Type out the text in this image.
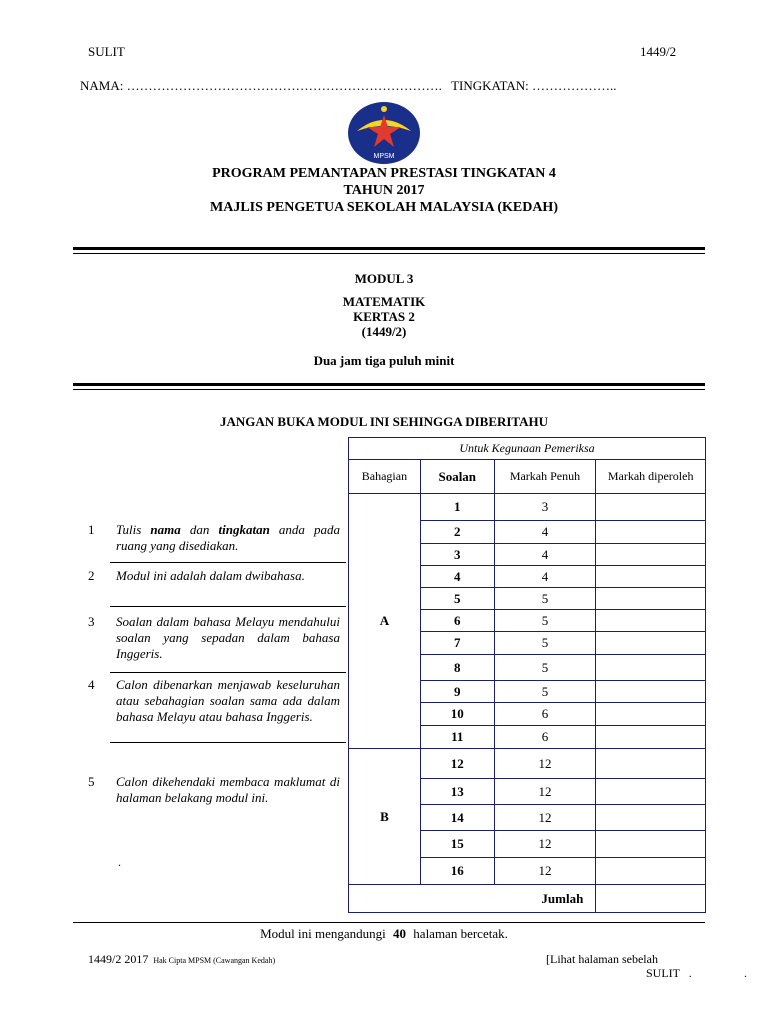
SULIT	1449/2
NAMA: ………………………………………………………………. TINGKATAN: ………………..
MPSM
PROGRAM PEMANTAPAN PRESTASI TINGKATAN 4
TAHUN 2017
MAJLIS PENGETUA SEKOLAH MALAYSIA (KEDAH)
MODUL 3
MATEMATIK
KERTAS 2
(1449/2)
Dua jam tiga puluh minit
JANGAN BUKA MODUL INI SEHINGGA DIBERITAHU
1 Tulis nama dan tingkatan anda pada ruang yang disediakan.
2 Modul ini adalah dalam dwibahasa.
3 Soalan dalam bahasa Melayu mendahului soalan yang sepadan dalam bahasa Inggeris.
4 Calon dibenarkan menjawab keseluruhan atau sebahagian soalan sama ada dalam bahasa Melayu atau bahasa Inggeris.
5 Calon dikehendaki membaca maklumat di halaman belakang modul ini.
.
Untuk Kegunaan Pemeriksa			
Bahagian	Soalan	Markah Penuh	Markah diperoleh
A	1	3	
	2	4	
	3	4	
	4	4	
	5	5	
	6	5	
	7	5	
	8	5	
	9	5	
	10	6	
	11	6	
B	12	12	
	13	12	
	14	12	
	15	12	
	16	12	
	Jumlah		
Modul ini mengandungi 40 halaman bercetak.
1449/2 2017 Hak Cipta MPSM (Cawangan Kedah)	[Lihat halaman sebelah
SULIT .	.
